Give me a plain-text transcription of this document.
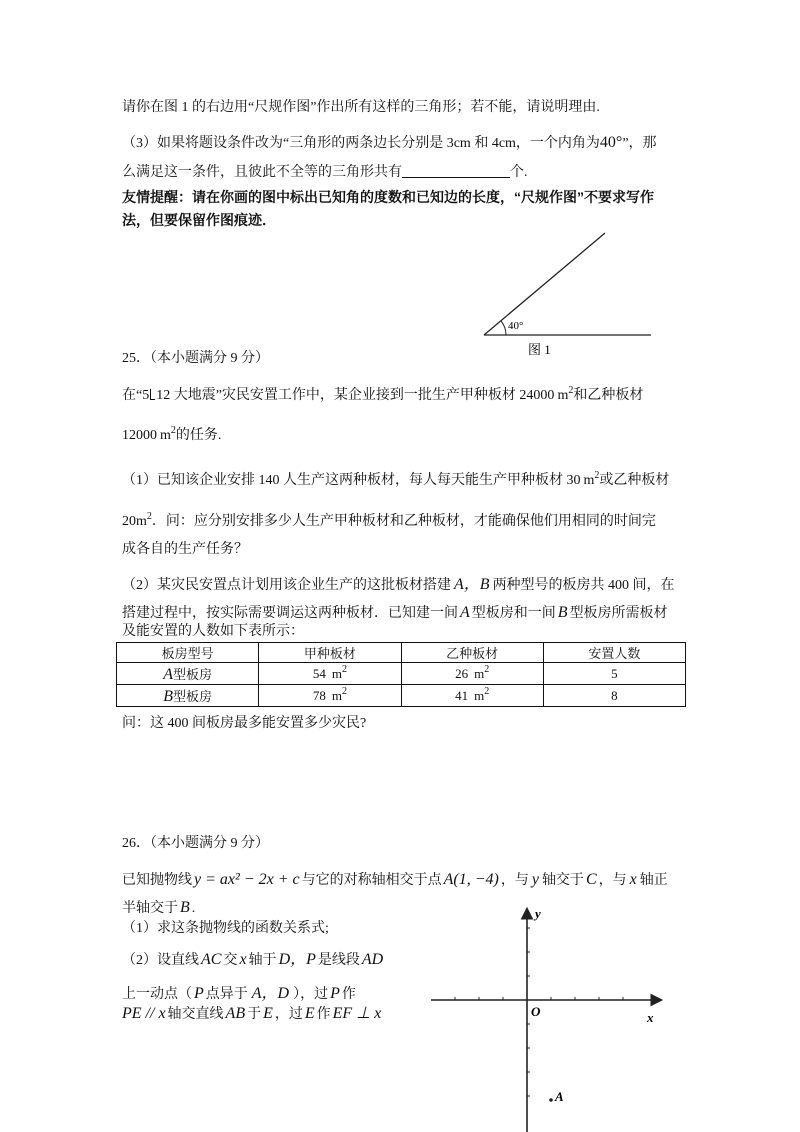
请你在图 1 的右边用“尺规作图”作出所有这样的三角形；若不能，请说明理由.
（3）如果将题设条件改为“三角形的两条边长分别是 3cm 和 4cm，一个内角为40°”，那
么满足这一条件，且彼此不全等的三角形共有	个.
友情提醒：请在你画的图中标出已知角的度数和已知边的长度，“尺规作图”不要求写作
法，但要保留作图痕迹．
40°
图 1
25．（本小题满分 9 分）
在“5 12 大地震”灾民安置工作中，某企业接到一批生产甲种板材 24000 $m^2$和乙种板材
12000 $m^2$的任务.
（1）已知该企业安排 140 人生产这两种板材，每人每天能生产甲种板材 30 $m^2$或乙种板材
$20m^2$．问：应分别安排多少人生产甲种板材和乙种板材，才能确保他们用相同的时间完
成各自的生产任务？
（2）某灾民安置点计划用该企业生产的这批板材搭建 A，B 两种型号的板房共 400 间，在
搭建过程中，按实际需要调运这两种板材．已知建一间 A 型板房和一间 B 型板房所需板材
及能安置的人数如下表所示：
板房型号	甲种板材	乙种板材	安置人数
A型板房	54 $m^2$	26 $m^2$	5
B型板房	78 $m^2$	41 $m^2$	8
问：这 400 间板房最多能安置多少灾民?
26．（本小题满分 9 分）
已知抛物线 y = ax² − 2x + c 与它的对称轴相交于点 A(1, −4) ，与 y 轴交于 C ，与 x 轴正
半轴交于 B .
（1）求这条抛物线的函数关系式;
（2）设直线 AC 交 x 轴于 D，P 是线段 AD
上一动点（ P 点异于 A，D ），过 P 作
PE // x 轴交直线 AB 于 E ，过 E 作 EF ⊥ x
y
x
O
A
